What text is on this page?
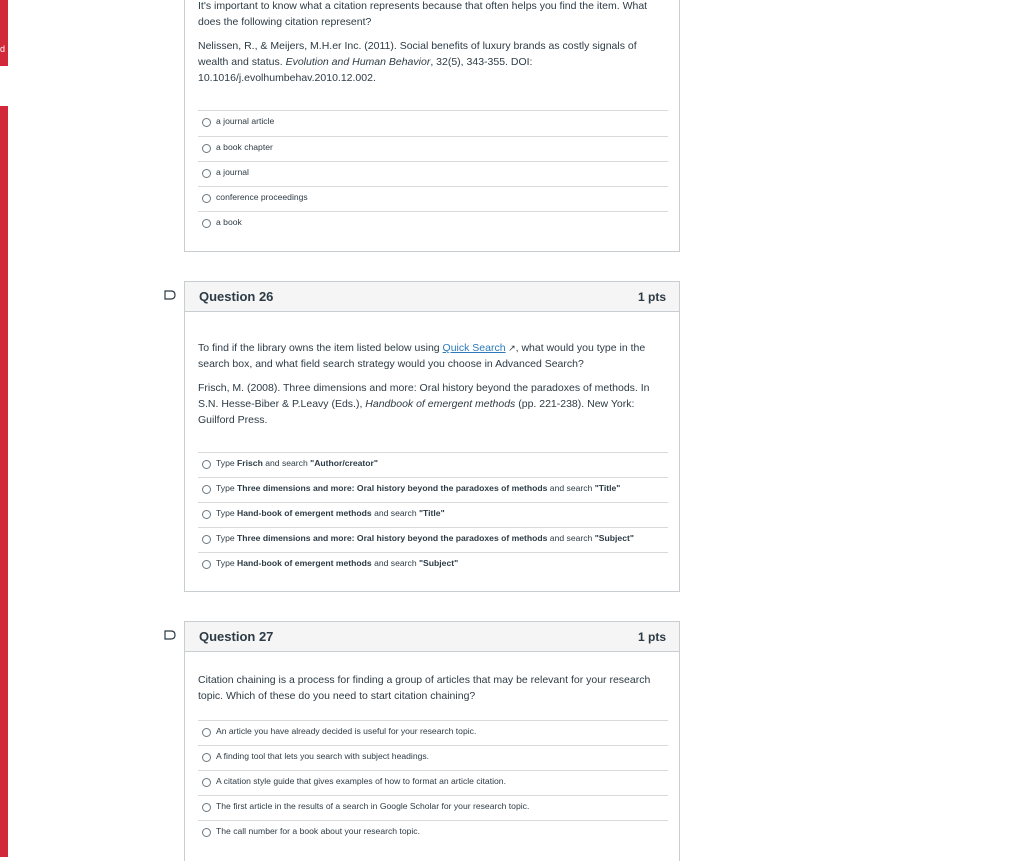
d

It's important to know what a citation represents because that often helps you find the item. What does the following citation represent?

Nelissen, R., & Meijers, M.H.er Inc. (2011). Social benefits of luxury brands as costly signals of wealth and status. Evolution and Human Behavior, 32(5), 343-355. DOI: 10.1016/j.evolhumbehav.2010.12.002.

a journal article
a book chapter
a journal
conference proceedings
a book
Question 26	1 pts

To find if the library owns the item listed below using Quick Search ↗, what would you type in the search box, and what field search strategy would you choose in Advanced Search?

Frisch, M. (2008). Three dimensions and more: Oral history beyond the paradoxes of methods. In S.N. Hesse-Biber & P.Leavy (Eds.), Handbook of emergent methods (pp. 221-238). New York: Guilford Press.

Type Frisch and search "Author/creator"
Type Three dimensions and more: Oral history beyond the paradoxes of methods and search "Title"
Type Hand-book of emergent methods and search "Title"
Type Three dimensions and more: Oral history beyond the paradoxes of methods and search "Subject"
Type Hand-book of emergent methods and search "Subject"
Question 27	1 pts

Citation chaining is a process for finding a group of articles that may be relevant for your research topic. Which of these do you need to start citation chaining?

An article you have already decided is useful for your research topic.
A finding tool that lets you search with subject headings.
A citation style guide that gives examples of how to format an article citation.
The first article in the results of a search in Google Scholar for your research topic.
The call number for a book about your research topic.
